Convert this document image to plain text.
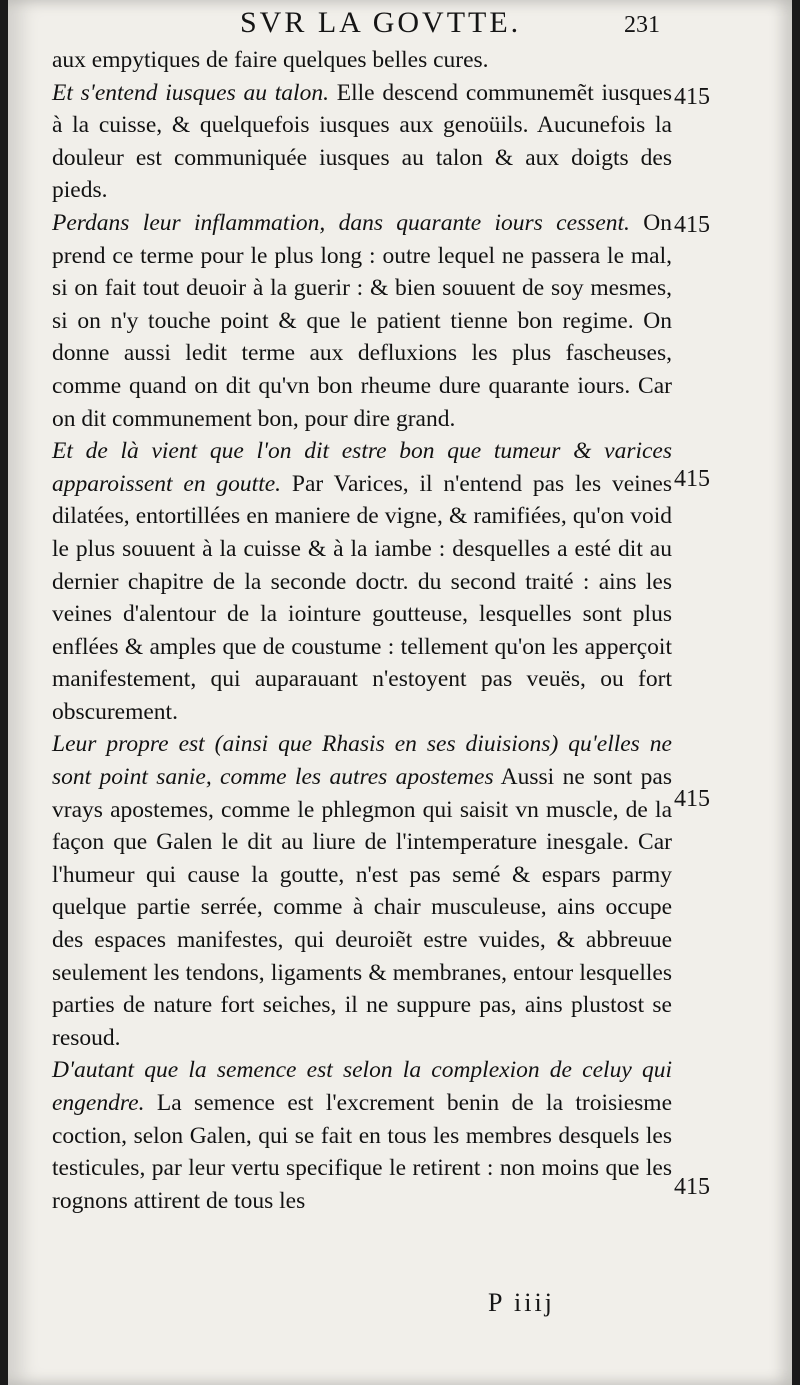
SVR LA GOVTTE.	231

aux empytiques de faire quelques belles cures.

Et s'entend iusques au talon. Elle descend communemẽt iusques à la cuisse, & quelquefois iusques aux genoüils. Aucunefois la douleur est communiquée iusques au talon & aux doigts des pieds.

Perdans leur inflammation, dans quarante iours cessent. On prend ce terme pour le plus long : outre lequel ne passera le mal, si on fait tout deuoir à la guerir : & bien souuent de soy mesmes, si on n'y touche point & que le patient tienne bon regime. On donne aussi ledit terme aux defluxions les plus fascheuses, comme quand on dit qu'vn bon rheume dure quarante iours. Car on dit communement bon, pour dire grand.

Et de là vient que l'on dit estre bon que tumeur & varices apparoissent en goutte. Par Varices, il n'entend pas les veines dilatées, entortillées en maniere de vigne, & ramifiées, qu'on void le plus souuent à la cuisse & à la iambe : desquelles a esté dit au dernier chapitre de la seconde doctr. du second traité : ains les veines d'alentour de la iointure goutteuse, lesquelles sont plus enflées & amples que de coustume : tellement qu'on les apperçoit manifestement, qui auparauant n'estoyent pas veuës, ou fort obscurement.

Leur propre est (ainsi que Rhasis en ses diuisions) qu'elles ne sont point sanie, comme les autres apostemes Aussi ne sont pas vrays apostemes, comme le phlegmon qui saisit vn muscle, de la façon que Galen le dit au liure de l'intemperature inesgale. Car l'humeur qui cause la goutte, n'est pas semé & espars parmy quelque partie serrée, comme à chair musculeuse, ains occupe des espaces manifestes, qui deuroiẽt estre vuides, & abbreuue seulement les tendons, ligaments & membranes, entour lesquelles parties de nature fort seiches, il ne suppure pas, ains plustost se resoud.

D'autant que la semence est selon la complexion de celuy qui engendre. La semence est l'excrement benin de la troisiesme coction, selon Galen, qui se fait en tous les membres desquels les testicules, par leur vertu specifique le retirent : non moins que les rognons attirent de tous les

415
415
415
415
415
P iiij
